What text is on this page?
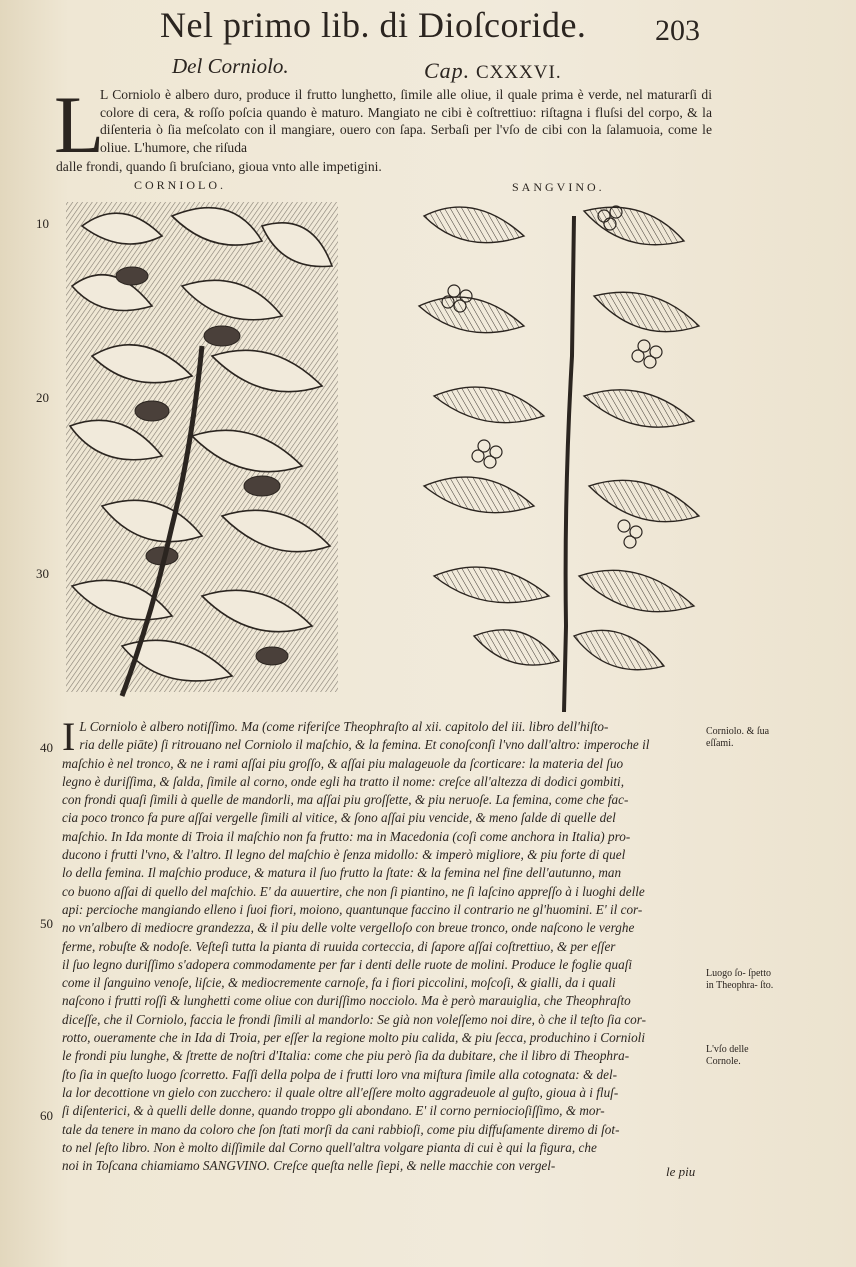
Nel primo lib. di Dioſcoride.	203
Del Corniolo.	Cap. CXXXVI.
L
L Corniolo è albero duro, produce il frutto lunghetto, ſimile alle oliue, il quale prima è verde, nel maturarſi di colore di cera, & roſſo poſcia quando è maturo. Mangiato ne cibi è coſtrettiuo: riſtagna i fluſsi del corpo, & la diſenteria ò ſia meſcolato con il mangiare, ouero con ſapa. Serbaſi per l'vſo de cibi con la ſalamuoia, come le oliue. L'humore, che riſuda
dalle frondi, quando ſi bruſciano, gioua vnto alle impetigini.
CORNIOLO.	SANGVINO.
10
20
30
40
50
60
I L Corniolo è albero notiſſimo. Ma (come riferiſce Theophraſto al xii. capitolo del iii. libro dell'hiſto-
ria delle piāte) ſi ritrouano nel Corniolo il maſchio, & la femina. Et conoſconſi l'vno dall'altro: imperoche il
maſchio è nel tronco, & ne i rami aſſai piu groſſo, & aſſai piu malageuole da ſcorticare: la materia del ſuo
legno è duriſſima, & ſalda, ſimile al corno, onde egli ha tratto il nome: creſce all'altezza di dodici gombiti,
con frondi quaſi ſimili à quelle de mandorli, ma aſſai piu groſſette, & piu neruoſe. La femina, come che fac-
cia poco tronco fa pure aſſai vergelle ſimili al vitice, & ſono aſſai piu vencide, & meno ſalde di quelle del
maſchio. In Ida monte di Troia il maſchio non fa frutto: ma in Macedonia (coſi come anchora in Italia) pro-
ducono i frutti l'vno, & l'altro. Il legno del maſchio è ſenza midollo: & imperò migliore, & piu forte di quel
lo della femina. Il maſchio produce, & matura il ſuo frutto la ſtate: & la femina nel fine dell'autunno, man
co buono aſſai di quello del maſchio. E' da auuertire, che non ſi piantino, ne ſi laſcino appreſſo à i luoghi delle
api: percioche mangiando elleno i ſuoi fiori, moiono, quantunque faccino il contrario ne gl'huomini. E' il cor-
no vn'albero di mediocre grandezza, & il piu delle volte vergelloſo con breue tronco, onde naſcono le verghe
ferme, robuſte & nodoſe. Veſteſi tutta la pianta di ruuida corteccia, di ſapore aſſai coſtrettiuo, & per eſſer
il ſuo legno duriſſimo s'adopera commodamente per far i denti delle ruote de molini. Produce le foglie quaſi
come il ſanguino venoſe, liſcie, & mediocremente carnoſe, fa i fiori piccolini, moſcoſi, & gialli, da i quali
naſcono i frutti roſſi & lunghetti come oliue con duriſſimo nocciolo. Ma è però marauiglia, che Theophraſto
diceſſe, che il Corniolo, faccia le frondi ſimili al mandorlo: Se già non voleſſemo noi dire, ò che il teſto ſia cor-
rotto, oueramente che in Ida di Troia, per eſſer la regione molto piu calida, & piu ſecca, produchino i Cornioli
le frondi piu lunghe, & ſtrette de noſtri d'Italia: come che piu però ſia da dubitare, che il libro di Theophra-
ſto ſia in queſto luogo ſcorretto. Faſſi della polpa de i frutti loro vna miſtura ſimile alla cotognata: & del-
la lor decottione vn gielo con zucchero: il quale oltre all'eſſere molto aggradeuole al guſto, gioua à i fluſ-
ſi diſenterici, & à quelli delle donne, quando troppo gli abondano. E' il corno perniocioſiſſimo, & mor-
tale da tenere in mano da coloro che ſon ſtati morſi da cani rabbioſi, come piu diffuſamente diremo di ſot-
to nel ſeſto libro. Non è molto diſſimile dal Corno quell'altra volgare pianta di cui è qui la figura, che
noi in Toſcana chiamiamo SANGVINO. Creſce queſta nelle ſiepi, & nelle macchie con vergel-
Corniolo. & ſua eſſami.
Luogo ſo- ſpetto in Theophra- ſto.
L'vſo delle Cornole.
le piu
